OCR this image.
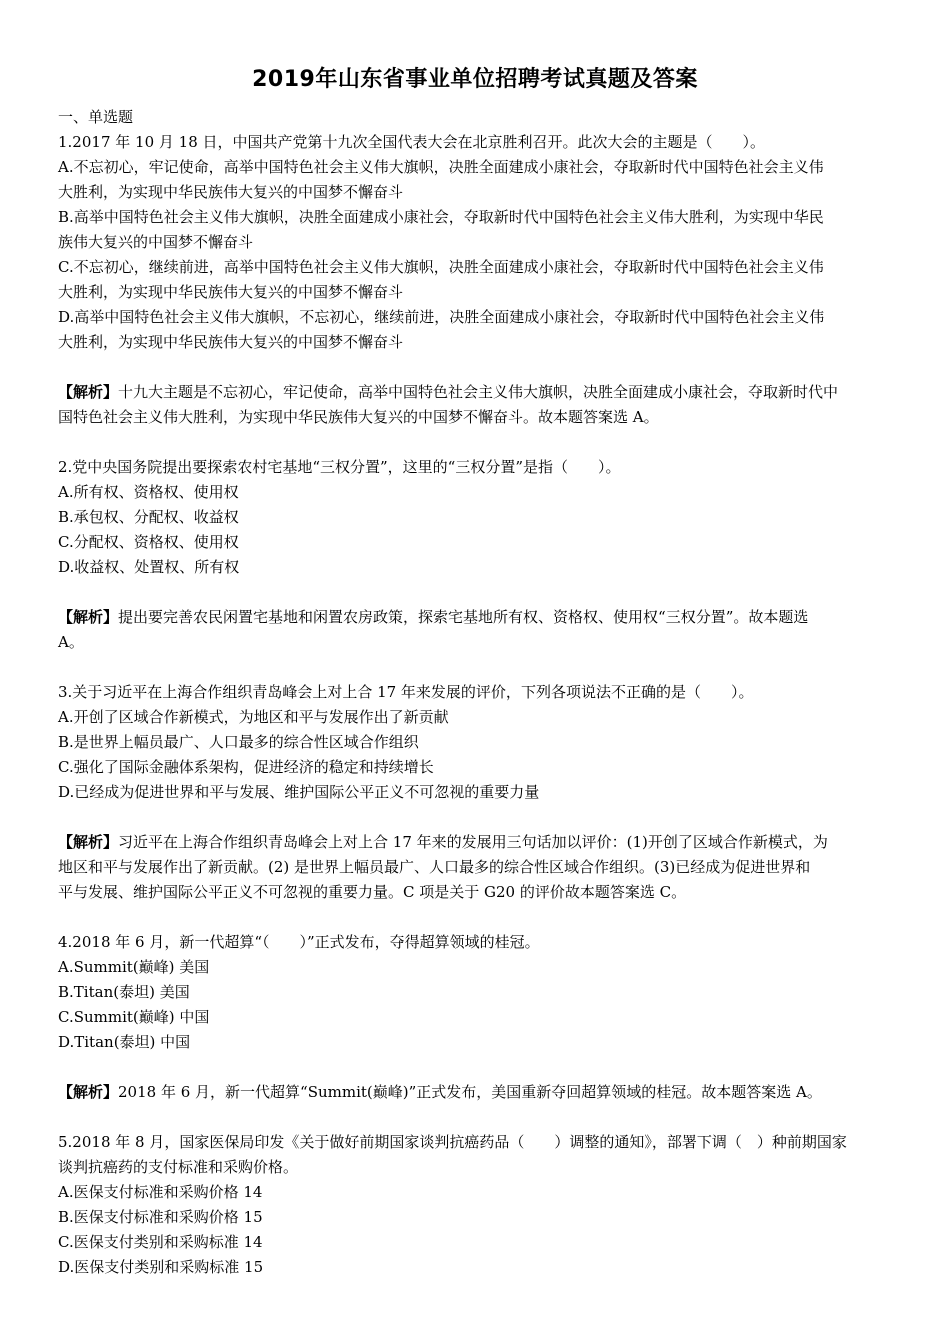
2019年山东省事业单位招聘考试真题及答案

一、单选题

1.2017 年 10 月 18 日，中国共产党第十九次全国代表大会在北京胜利召开。此次大会的主题是（　　）。

A.不忘初心，牢记使命，高举中国特色社会主义伟大旗帜，决胜全面建成小康社会，夺取新时代中国特色社会主义伟

大胜利，为实现中华民族伟大复兴的中国梦不懈奋斗

B.高举中国特色社会主义伟大旗帜，决胜全面建成小康社会，夺取新时代中国特色社会主义伟大胜利，为实现中华民

族伟大复兴的中国梦不懈奋斗

C.不忘初心，继续前进，高举中国特色社会主义伟大旗帜，决胜全面建成小康社会，夺取新时代中国特色社会主义伟

大胜利，为实现中华民族伟大复兴的中国梦不懈奋斗

D.高举中国特色社会主义伟大旗帜，不忘初心，继续前进，决胜全面建成小康社会，夺取新时代中国特色社会主义伟

大胜利，为实现中华民族伟大复兴的中国梦不懈奋斗

【解析】十九大主题是不忘初心，牢记使命，高举中国特色社会主义伟大旗帜，决胜全面建成小康社会，夺取新时代中

国特色社会主义伟大胜利，为实现中华民族伟大复兴的中国梦不懈奋斗。故本题答案选 A。

2.党中央国务院提出要探索农村宅基地“三权分置”，这里的“三权分置”是指（　　）。

A.所有权、资格权、使用权

B.承包权、分配权、收益权

C.分配权、资格权、使用权

D.收益权、处置权、所有权

【解析】提出要完善农民闲置宅基地和闲置农房政策，探索宅基地所有权、资格权、使用权“三权分置”。故本题选

A。

3.关于习近平在上海合作组织青岛峰会上对上合 17 年来发展的评价，下列各项说法不正确的是（　　）。

A.开创了区域合作新模式，为地区和平与发展作出了新贡献

B.是世界上幅员最广、人口最多的综合性区域合作组织

C.强化了国际金融体系架构，促进经济的稳定和持续增长

D.已经成为促进世界和平与发展、维护国际公平正义不可忽视的重要力量

【解析】习近平在上海合作组织青岛峰会上对上合 17 年来的发展用三句话加以评价：(1)开创了区域合作新模式，为

地区和平与发展作出了新贡献。(2) 是世界上幅员最广、人口最多的综合性区域合作组织。(3)已经成为促进世界和

平与发展、维护国际公平正义不可忽视的重要力量。C 项是关于 G20 的评价故本题答案选 C。

4.2018 年 6 月，新一代超算“（　　）”正式发布，夺得超算领域的桂冠。

A.Summit(巅峰) 美国

B.Titan(泰坦) 美国

C.Summit(巅峰) 中国

D.Titan(泰坦) 中国

【解析】2018 年 6 月，新一代超算“Summit(巅峰)”正式发布，美国重新夺回超算领域的桂冠。故本题答案选 A。

5.2018 年 8 月，国家医保局印发《关于做好前期国家谈判抗癌药品（　　）调整的通知》，部署下调（　）种前期国家

谈判抗癌药的支付标准和采购价格。

A.医保支付标准和采购价格 14

B.医保支付标准和采购价格 15

C.医保支付类别和采购标准 14

D.医保支付类别和采购标准 15
